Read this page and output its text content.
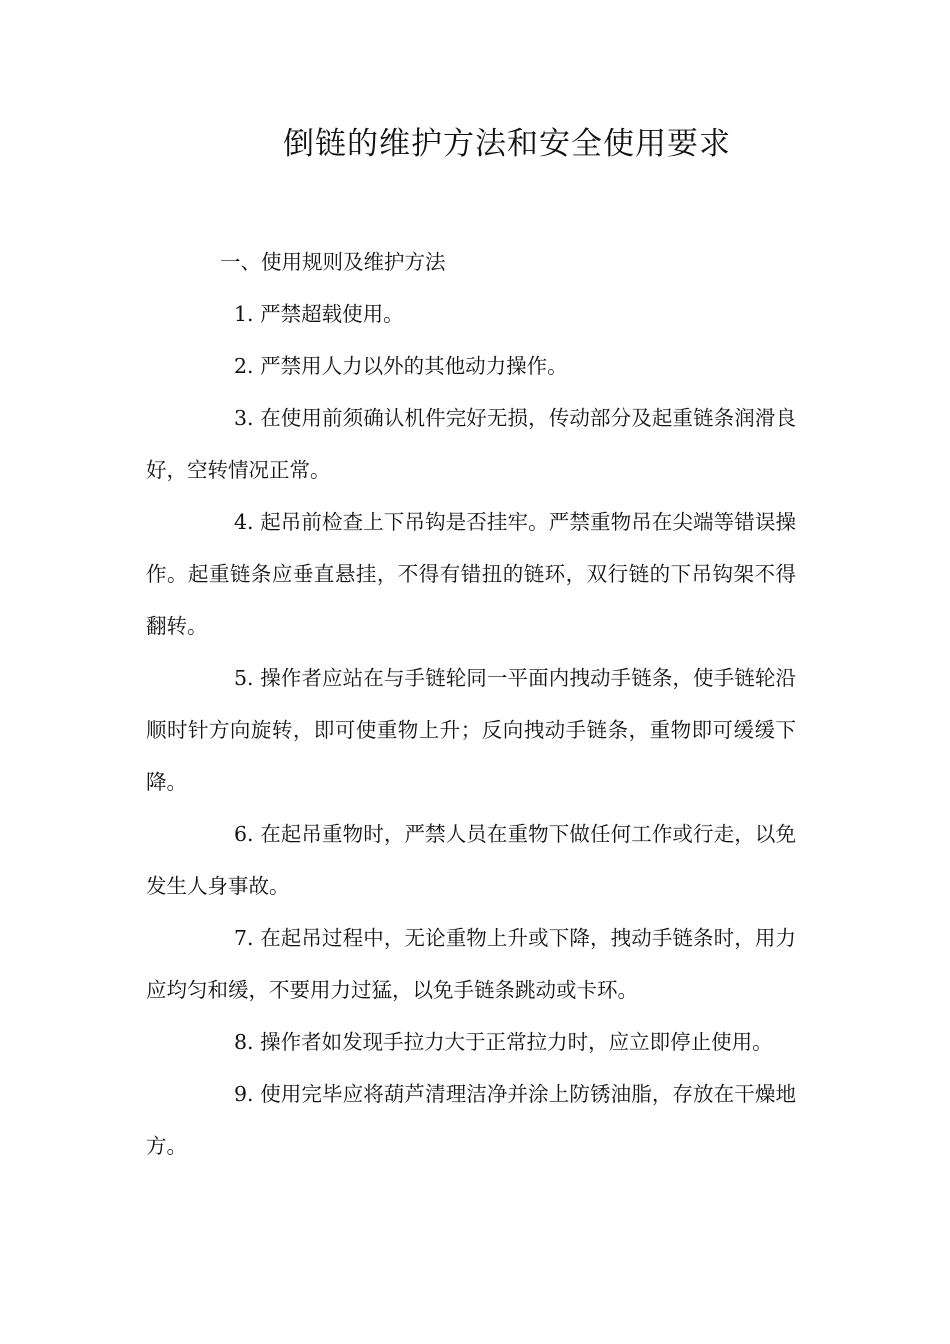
倒链的维护方法和安全使用要求
一、使用规则及维护方法

1. 严禁超载使用。

2. 严禁用人力以外的其他动力操作。

3. 在使用前须确认机件完好无损，传动部分及起重链条润滑良好，空转情况正常。

4. 起吊前检查上下吊钩是否挂牢。严禁重物吊在尖端等错误操作。起重链条应垂直悬挂，不得有错扭的链环，双行链的下吊钩架不得翻转。

5. 操作者应站在与手链轮同一平面内拽动手链条，使手链轮沿顺时针方向旋转，即可使重物上升；反向拽动手链条，重物即可缓缓下降。

6. 在起吊重物时，严禁人员在重物下做任何工作或行走，以免发生人身事故。

7. 在起吊过程中，无论重物上升或下降，拽动手链条时，用力应均匀和缓，不要用力过猛，以免手链条跳动或卡环。

8. 操作者如发现手拉力大于正常拉力时，应立即停止使用。

9. 使用完毕应将葫芦清理洁净并涂上防锈油脂，存放在干燥地方。
